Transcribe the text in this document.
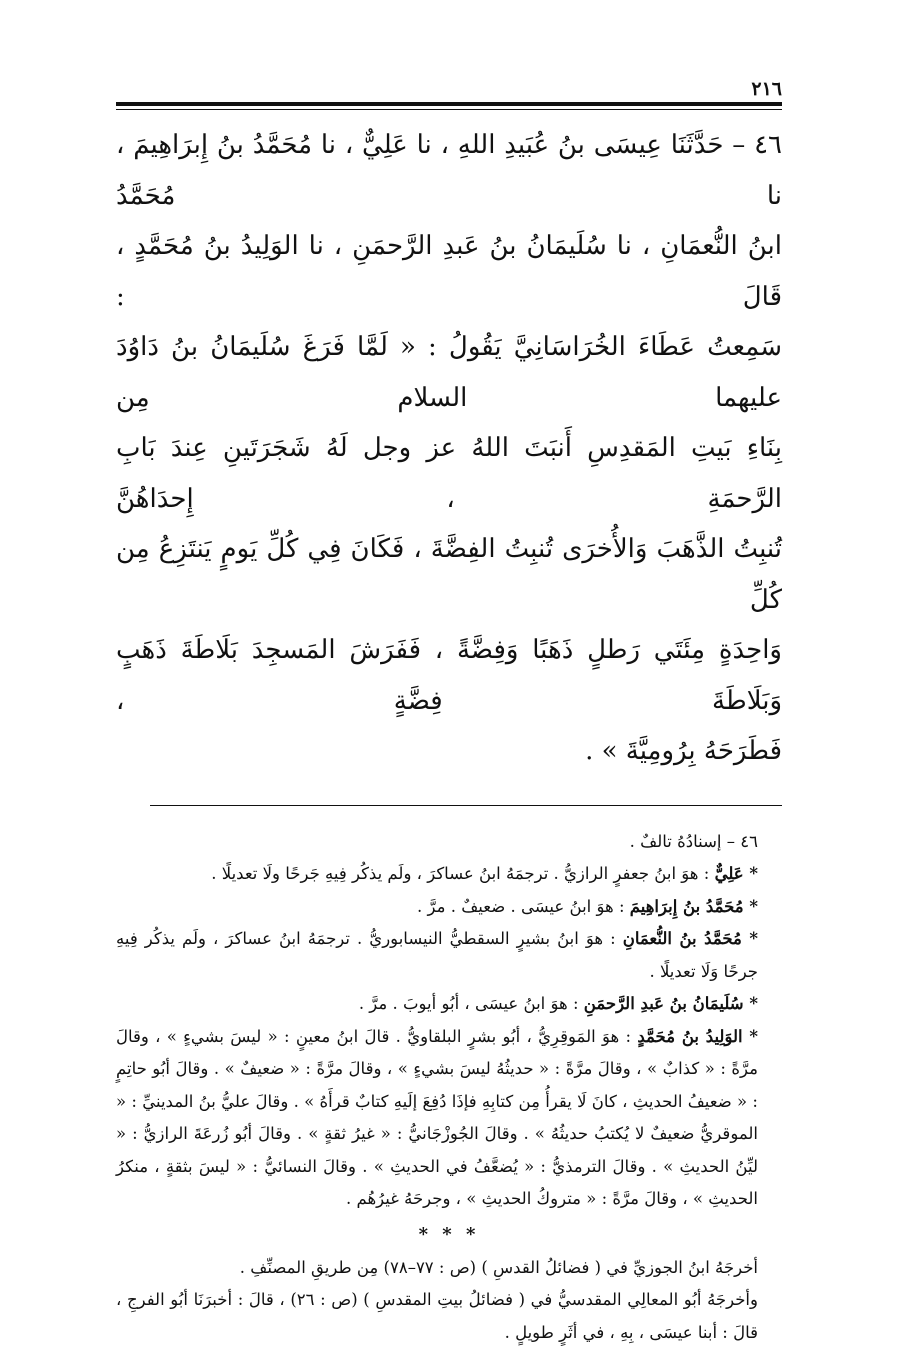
٢١٦
٤٦ – حَدَّثَنَا عِيسَى بنُ عُبَيدِ اللهِ ، نا عَلِيٌّ ، نا مُحَمَّدُ بنُ إِبرَاهِيمَ ، نا مُحَمَّدُ
ابنُ النُّعمَانِ ، نا سُلَيمَانُ بنُ عَبدِ الرَّحمَنِ ، نا الوَلِيدُ بنُ مُحَمَّدٍ ، قَالَ :
سَمِعتُ عَطَاءَ الخُرَاسَانِيَّ يَقُولُ : « لَمَّا فَرَغَ سُلَيمَانُ بنُ دَاوُدَ عليهما السلام مِن
بِنَاءِ بَيتِ المَقدِسِ أَنبَتَ اللهُ عز وجل لَهُ شَجَرَتَينِ عِندَ بَابِ الرَّحمَةِ ، إِحدَاهُنَّ
تُنبِتُ الذَّهَبَ وَالأُخرَى تُنبِتُ الفِضَّةَ ، فَكَانَ فِي كُلِّ يَومٍ يَنتَزِعُ مِن كُلِّ
وَاحِدَةٍ مِئَتَي رَطلٍ ذَهَبًا وَفِضَّةً ، فَفَرَشَ المَسجِدَ بَلَاطَةَ ذَهَبٍ وَبَلَاطَةَ فِضَّةٍ ،
فَطَرَحَهُ بِرُومِيَّةَ » .

٤٦ – إسنادُهُ تالفٌ .

* عَلِيٌّ : هوَ ابنُ جعفرٍ الرازيُّ . ترجمَهُ ابنُ عساكرَ ، ولَم يذكُر فِيهِ جَرحًا ولَا تعديلًا .

* مُحَمَّدُ بنُ إِبرَاهِيمَ : هوَ ابنُ عيسَى . ضعيفٌ . مرَّ .

* مُحَمَّدُ بنُ النُّعمَانِ : هوَ ابنُ بشيرٍ السقطيُّ النيسابوريُّ . ترجمَهُ ابنُ عساكرَ ، ولَم يذكُر فِيهِ جرحًا وَلَا تعديلًا .

* سُلَيمَانُ بنُ عَبدِ الرَّحمَنِ : هوَ ابنُ عيسَى ، أبُو أيوبَ . مرَّ .

* الوَلِيدُ بنُ مُحَمَّدٍ : هوَ المَوقِرِيُّ ، أبُو بشرٍ البلقاويُّ . قالَ ابنُ معينٍ : « ليسَ بشيءٍ » ، وقالَ مرَّةً : « كذابٌ » ، وقالَ مرَّةً : « حديثُهُ ليسَ بشيءٍ » ، وقالَ مرَّةً : « ضعيفٌ » . وقالَ أبُو حاتِمٍ : « ضعيفُ الحديثِ ، كانَ لَا يقرأُ مِن كتابِهِ فإذَا دُفِعَ إلَيهِ كتابٌ قرأَهُ » . وقالَ عليُّ بنُ المدينيِّ : « الموقريُّ ضعيفٌ لا يُكتبُ حديثُهُ » . وقالَ الجُوزْجَانيُّ : « غيرُ ثقةٍ » . وقالَ أبُو زُرعَةَ الرازيُّ : « ليِّنُ الحديثِ » . وقالَ الترمذيُّ : « يُضعَّفُ في الحديثِ » . وقالَ النسائيُّ : « ليسَ بثقةٍ ، منكرُ الحديثِ » ، وقالَ مرَّةً : « متروكُ الحديثِ » ، وجرحَهُ غيرُهُم .

* * *

أخرجَهُ ابنُ الجوزيِّ في ( فضائلُ القدسِ ) (ص : ٧٧–٧٨) مِن طريقِ المصنِّفِ .

وأخرجَهُ أبُو المعالِي المقدسيُّ في ( فضائلُ بيتِ المقدسِ ) (ص : ٢٦) ، قالَ : أخبرَنَا أبُو الفرجِ ، قالَ : أبنا عيسَى ، بِهِ ، في أثَرٍ طويلٍ .
